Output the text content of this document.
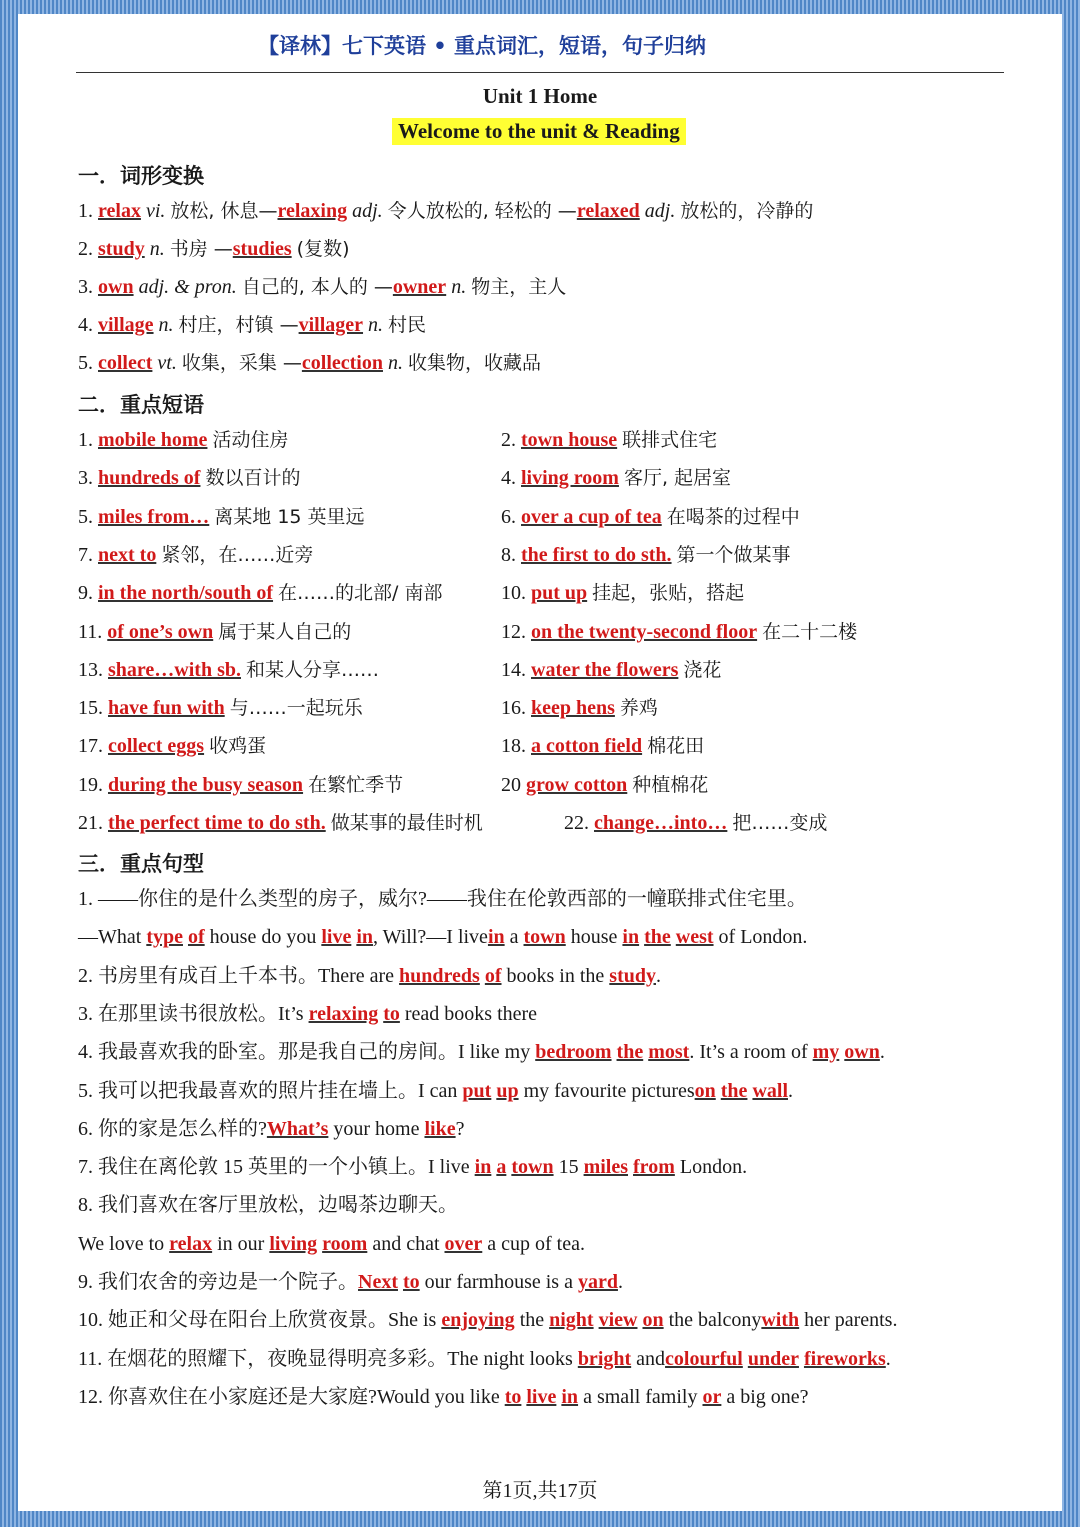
【译林】七下英语 • 重点词汇，短语，句子归纳
Unit 1 Home
Welcome to the unit & Reading
一．词形变换
1. relax vi. 放松, 休息—relaxing adj. 令人放松的, 轻松的 —relaxed adj. 放松的，冷静的
2. study n. 书房 —studies (复数)
3. own adj. & pron. 自己的, 本人的 —owner n. 物主，主人
4. village n. 村庄，村镇 —villager n. 村民
5. collect vt. 收集，采集 —collection n. 收集物，收藏品
二．重点短语
1. mobile home 活动住房	2. town house 联排式住宅
3. hundreds of 数以百计的	4. living room 客厅, 起居室
5. miles from… 离某地 15 英里远	6. over a cup of tea 在喝茶的过程中
7. next to 紧邻，在……近旁	8. the first to do sth. 第一个做某事
9. in the north/south of 在……的北部/ 南部	10. put up 挂起，张贴，搭起
11. of one’s own 属于某人自己的	12. on the twenty-second floor 在二十二楼
13. share…with sb. 和某人分享……	14. water the flowers 浇花
15. have fun with 与……一起玩乐	16. keep hens 养鸡
17. collect eggs 收鸡蛋	18. a cotton field 棉花田
19. during the busy season 在繁忙季节	20 grow cotton 种植棉花
21. the perfect time to do sth. 做某事的最佳时机	22. change…into… 把……变成
三．重点句型
1. ——你住的是什么类型的房子，威尔?——我住在伦敦西部的一幢联排式住宅里。
—What type of house do you live in, Will?—I livein a town house in the west of London.
2. 书房里有成百上千本书。There are hundreds of books in the study.
3. 在那里读书很放松。It’s relaxing to read books there
4. 我最喜欢我的卧室。那是我自己的房间。I like my bedroom the most. It’s a room of my own.
5. 我可以把我最喜欢的照片挂在墙上。I can put up my favourite pictureson the wall.
6. 你的家是怎么样的?What’s your home like?
7. 我住在离伦敦 15 英里的一个小镇上。I live in a town 15 miles from London.
8. 我们喜欢在客厅里放松，边喝茶边聊天。
We love to relax in our living room and chat over a cup of tea.
9. 我们农舍的旁边是一个院子。Next to our farmhouse is a yard.
10. 她正和父母在阳台上欣赏夜景。She is enjoying the night view on the balconywith her parents.
11. 在烟花的照耀下，夜晚显得明亮多彩。The night looks bright andcolourful under fireworks.
12. 你喜欢住在小家庭还是大家庭?Would you like to live in a small family or a big one?
第1页,共17页
